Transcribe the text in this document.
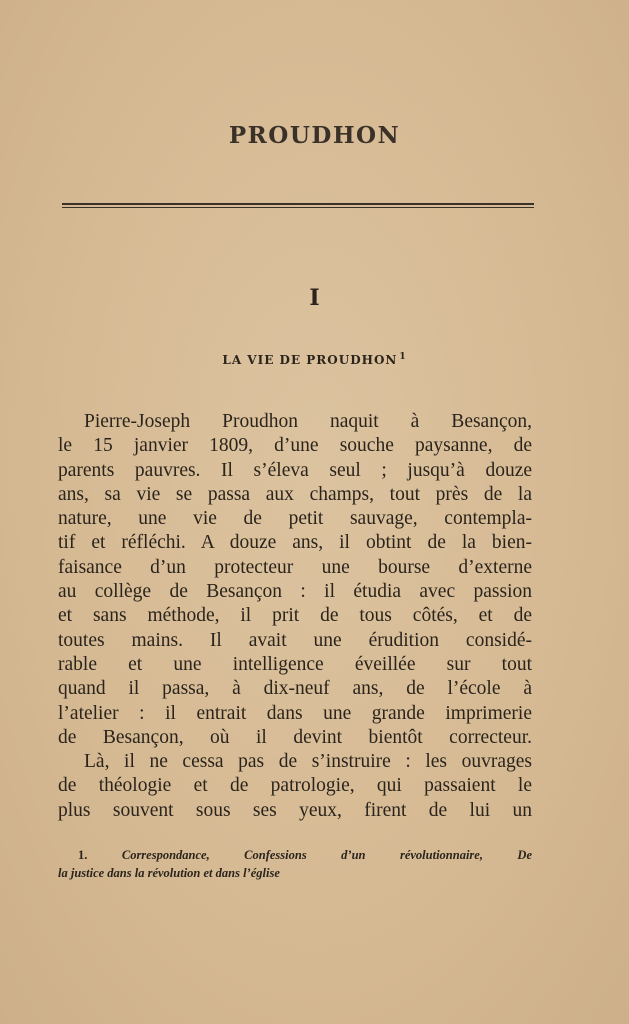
PROUDHON
I
LA VIE DE PROUDHON $^1$
Pierre-Joseph Proudhon naquit à Besançon,
le 15 janvier 1809, d’une souche paysanne, de
parents pauvres. Il s’éleva seul ; jusqu’à douze
ans, sa vie se passa aux champs, tout près de la
nature, une vie de petit sauvage, contempla-
tif et réfléchi. A douze ans, il obtint de la bien-
faisance d’un protecteur une bourse d’externe
au collège de Besançon : il étudia avec passion
et sans méthode, il prit de tous côtés, et de
toutes mains. Il avait une érudition considé-
rable et une intelligence éveillée sur tout
quand il passa, à dix-neuf ans, de l’école à
l’atelier : il entrait dans une grande imprimerie
de Besançon, où il devint bientôt correcteur.
Là, il ne cessa pas de s’instruire : les ouvrages
de théologie et de patrologie, qui passaient le
plus souvent sous ses yeux, firent de lui un
1.	Correspondance, Confessions d’un révolutionnaire, De
la justice dans la révolution et dans l’église
